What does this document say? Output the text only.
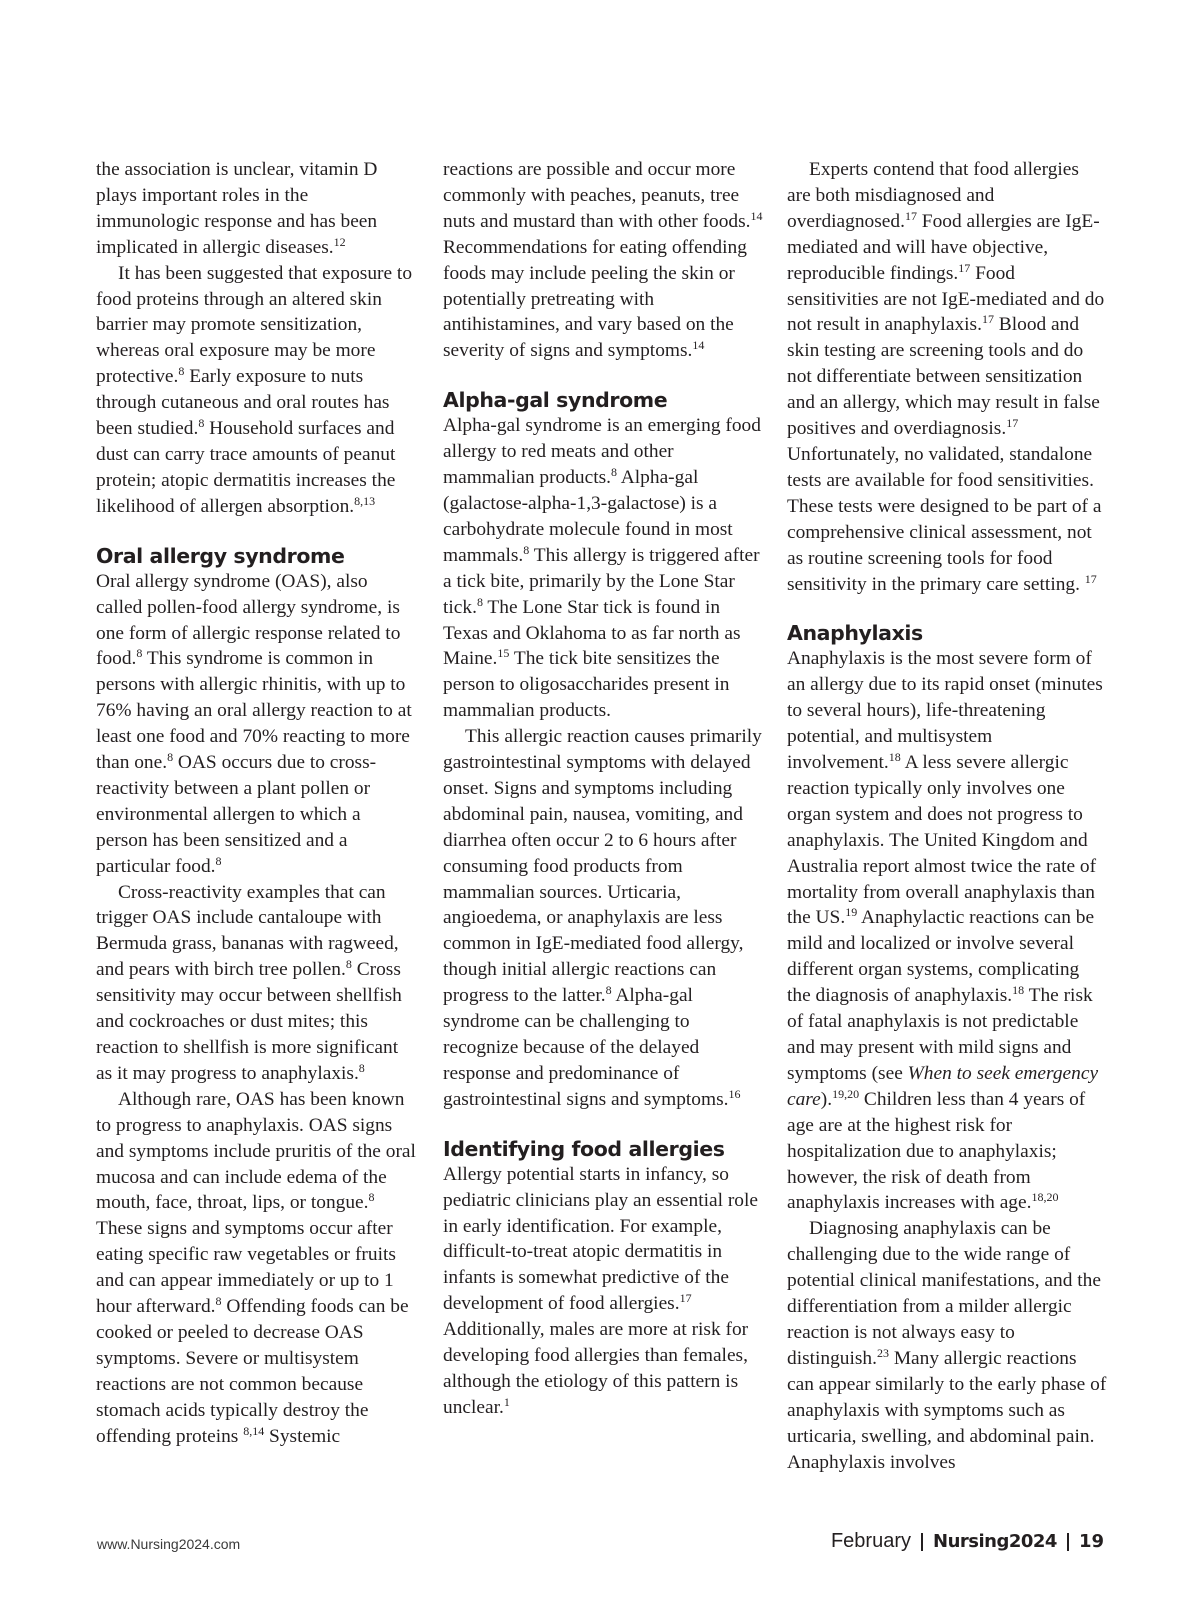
the association is unclear, vitamin D plays important roles in the immunologic response and has been implicated in allergic diseases.$^{12}$

It has been suggested that exposure to food proteins through an altered skin barrier may promote sensitization, whereas oral exposure may be more protective.$^8$ Early exposure to nuts through cutaneous and oral routes has been studied.$^8$ Household surfaces and dust can carry trace amounts of peanut protein; atopic dermatitis increases the likelihood of allergen absorption.$^{8,13}$

Oral allergy syndrome

Oral allergy syndrome (OAS), also called pollen-food allergy syndrome, is one form of allergic response related to food.$^8$ This syndrome is common in persons with allergic rhinitis, with up to 76% having an oral allergy reaction to at least one food and 70% reacting to more than one.$^8$ OAS occurs due to cross-reactivity between a plant pollen or environmental allergen to which a person has been sensitized and a particular food.$^8$

Cross-reactivity examples that can trigger OAS include cantaloupe with Bermuda grass, bananas with ragweed, and pears with birch tree pollen.$^8$ Cross sensitivity may occur between shellfish and cockroaches or dust mites; this reaction to shellfish is more significant as it may progress to anaphylaxis.$^8$

Although rare, OAS has been known to progress to anaphylaxis. OAS signs and symptoms include pruritis of the oral mucosa and can include edema of the mouth, face, throat, lips, or tongue.$^8$ These signs and symptoms occur after eating specific raw vegetables or fruits and can appear immediately or up to 1 hour afterward.$^8$ Offending foods can be cooked or peeled to decrease OAS symptoms. Severe or multisystem reactions are not common because stomach acids typically destroy the offending proteins $^{8,14}$ Systemic

reactions are possible and occur more commonly with peaches, peanuts, tree nuts and mustard than with other foods.$^{14}$ Recommendations for eating offending foods may include peeling the skin or potentially pretreating with antihistamines, and vary based on the severity of signs and symptoms.$^{14}$

Alpha-gal syndrome

Alpha-gal syndrome is an emerging food allergy to red meats and other mammalian products.$^8$ Alpha-gal (galactose-alpha-1,3-galactose) is a carbohydrate molecule found in most mammals.$^8$ This allergy is triggered after a tick bite, primarily by the Lone Star tick.$^8$ The Lone Star tick is found in Texas and Oklahoma to as far north as Maine.$^{15}$ The tick bite sensitizes the person to oligosaccharides present in mammalian products.

This allergic reaction causes primarily gastrointestinal symptoms with delayed onset. Signs and symptoms including abdominal pain, nausea, vomiting, and diarrhea often occur 2 to 6 hours after consuming food products from mammalian sources. Urticaria, angioedema, or anaphylaxis are less common in IgE-mediated food allergy, though initial allergic reactions can progress to the latter.$^8$ Alpha-gal syndrome can be challenging to recognize because of the delayed response and predominance of gastrointestinal signs and symptoms.$^{16}$

Identifying food allergies

Allergy potential starts in infancy, so pediatric clinicians play an essential role in early identification. For example, difficult-to-treat atopic dermatitis in infants is somewhat predictive of the development of food allergies.$^{17}$ Additionally, males are more at risk for developing food allergies than females, although the etiology of this pattern is unclear.$^1$

Experts contend that food allergies are both misdiagnosed and overdiagnosed.$^{17}$ Food allergies are IgE-mediated and will have objective, reproducible findings.$^{17}$ Food sensitivities are not IgE-mediated and do not result in anaphylaxis.$^{17}$ Blood and skin testing are screening tools and do not differentiate between sensitization and an allergy, which may result in false positives and overdiagnosis.$^{17}$ Unfortunately, no validated, standalone tests are available for food sensitivities. These tests were designed to be part of a comprehensive clinical assessment, not as routine screening tools for food sensitivity in the primary care setting. $^{17}$

Anaphylaxis

Anaphylaxis is the most severe form of an allergy due to its rapid onset (minutes to several hours), life-threatening potential, and multisystem involvement.$^{18}$ A less severe allergic reaction typically only involves one organ system and does not progress to anaphylaxis. The United Kingdom and Australia report almost twice the rate of mortality from overall anaphylaxis than the US.$^{19}$ Anaphylactic reactions can be mild and localized or involve several different organ systems, complicating the diagnosis of anaphylaxis.$^{18}$ The risk of fatal anaphylaxis is not predictable and may present with mild signs and symptoms (see When to seek emergency care).$^{19,20}$ Children less than 4 years of age are at the highest risk for hospitalization due to anaphylaxis; however, the risk of death from anaphylaxis increases with age.$^{18,20}$

Diagnosing anaphylaxis can be challenging due to the wide range of potential clinical manifestations, and the differentiation from a milder allergic reaction is not always easy to distinguish.$^{23}$ Many allergic reactions can appear similarly to the early phase of anaphylaxis with symptoms such as urticaria, swelling, and abdominal pain. Anaphylaxis involves

www.Nursing2024.com	February Nursing2024 19
